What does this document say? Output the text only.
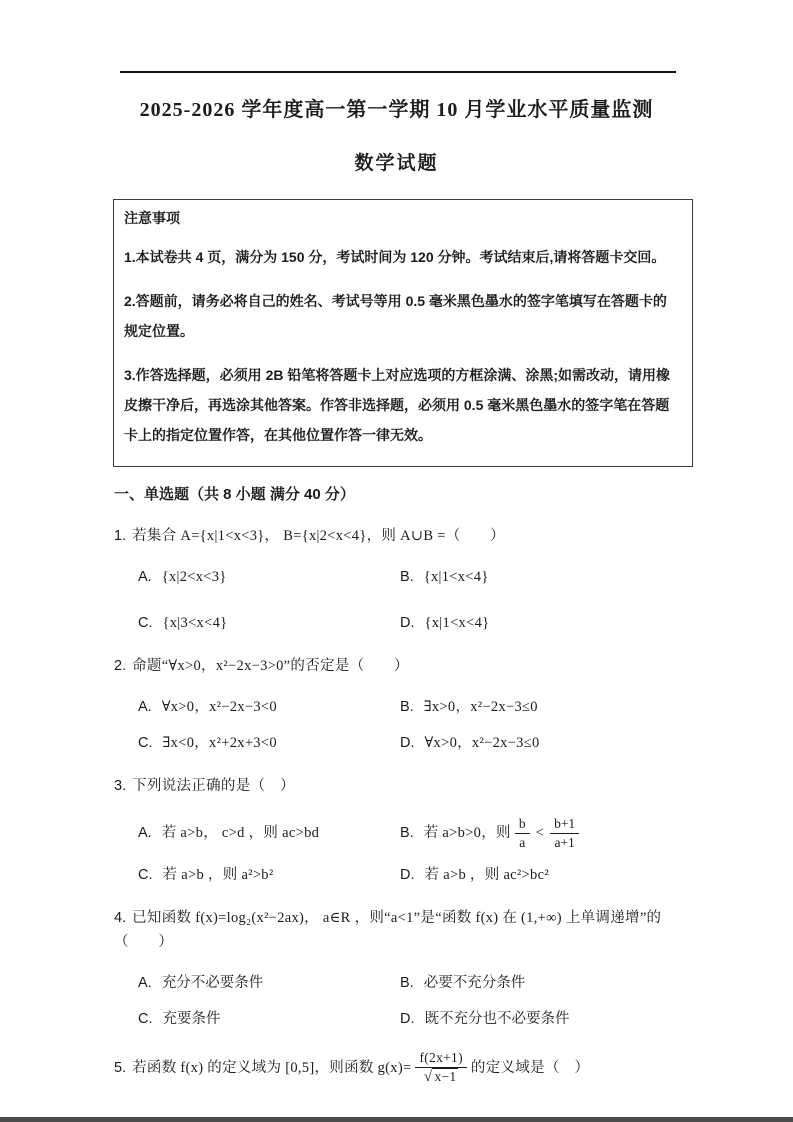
2025-2026 学年度高一第一学期 10 月学业水平质量监测
数学试题
注意事项

1.本试卷共 4 页，满分为 150 分，考试时间为 120 分钟。考试结束后,请将答题卡交回。

2.答题前，请务必将自己的姓名、考试号等用 0.5 毫米黑色墨水的签字笔填写在答题卡的规定位置。

3.作答选择题，必须用 2B 铅笔将答题卡上对应选项的方框涂满、涂黑;如需改动，请用橡皮擦干净后，再选涂其他答案。作答非选择题，必须用 0.5 毫米黑色墨水的签字笔在答题卡上的指定位置作答，在其他位置作答一律无效。

一、单选题（共 8 小题 满分 40 分）

1. 若集合 A={x|1<x<3}， B={x|2<x<4}，则 A∪B =（　　）

A. {x|2<x<3}	B. {x|1<x<4}
C. {x|3<x<4}	D. {x|1<x<4}

2. 命题“∀x>0，x²−2x−3>0”的否定是（　　）

A. ∀x>0，x²−2x−3<0	B. ∃x>0，x²−2x−3≤0
C. ∃x<0，x²+2x+3<0	D. ∀x>0，x²−2x−3≤0

3. 下列说法正确的是（　）

A. 若 a>b， c>d ，则 ac>bd	B. 若 a>b>0，则 $\frac{b}{a} < \frac{b+1}{a+1}$
C. 若 a>b ，则 a²>b²	D. 若 a>b ，则 ac²>bc²

4. 已知函数 f(x)=log₂(x²−2ax)， a∈R ，则“a<1”是“函数 f(x) 在 (1,+∞) 上单调递增”的（　　）

A. 充分不必要条件	B. 必要不充分条件
C. 充要条件	D. 既不充分也不必要条件
5. 若函数 f(x) 的定义域为 [0,5]，则函数 $g(x)= \frac{f(2x+1)}{√ x-1}$ 的定义域是（　）
